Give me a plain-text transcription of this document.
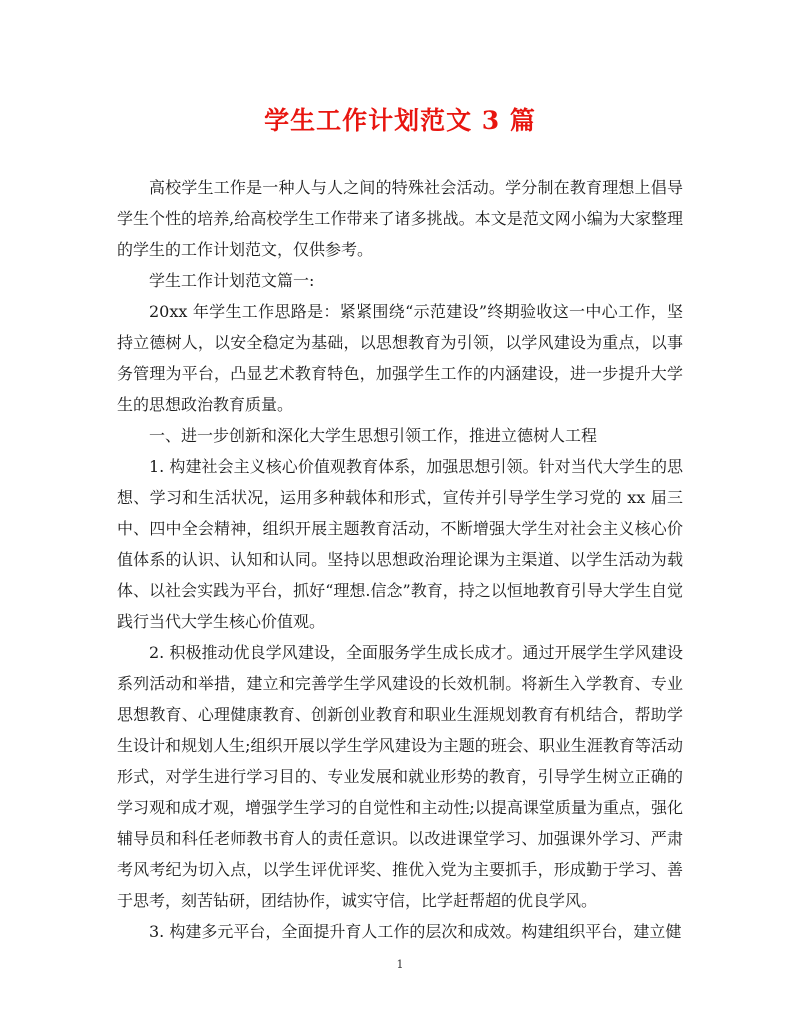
学生工作计划范文 3 篇

高校学生工作是一种人与人之间的特殊社会活动。学分制在教育理想上倡导学生个性的培养,给高校学生工作带来了诸多挑战。本文是范文网小编为大家整理的学生的工作计划范文，仅供参考。

学生工作计划范文篇一:

20xx 年学生工作思路是：紧紧围绕“示范建设”终期验收这一中心工作，坚持立德树人，以安全稳定为基础，以思想教育为引领，以学风建设为重点，以事务管理为平台，凸显艺术教育特色，加强学生工作的内涵建设，进一步提升大学生的思想政治教育质量。

一、进一步创新和深化大学生思想引领工作，推进立德树人工程

1. 构建社会主义核心价值观教育体系，加强思想引领。针对当代大学生的思想、学习和生活状况，运用多种载体和形式，宣传并引导学生学习党的 xx 届三中、四中全会精神，组织开展主题教育活动，不断增强大学生对社会主义核心价值体系的认识、认知和认同。坚持以思想政治理论课为主渠道、以学生活动为载体、以社会实践为平台，抓好“理想.信念”教育，持之以恒地教育引导大学生自觉践行当代大学生核心价值观。

2. 积极推动优良学风建设，全面服务学生成长成才。通过开展学生学风建设系列活动和举措，建立和完善学生学风建设的长效机制。将新生入学教育、专业思想教育、心理健康教育、创新创业教育和职业生涯规划教育有机结合，帮助学生设计和规划人生;组织开展以学生学风建设为主题的班会、职业生涯教育等活动形式，对学生进行学习目的、专业发展和就业形势的教育，引导学生树立正确的学习观和成才观，增强学生学习的自觉性和主动性;以提高课堂质量为重点，强化辅导员和科任老师教书育人的责任意识。以改进课堂学习、加强课外学习、严肃考风考纪为切入点，以学生评优评奖、推优入党为主要抓手，形成勤于学习、善于思考，刻苦钻研，团结协作，诚实守信，比学赶帮超的优良学风。

3. 构建多元平台，全面提升育人工作的层次和成效。构建组织平台，建立健

1
